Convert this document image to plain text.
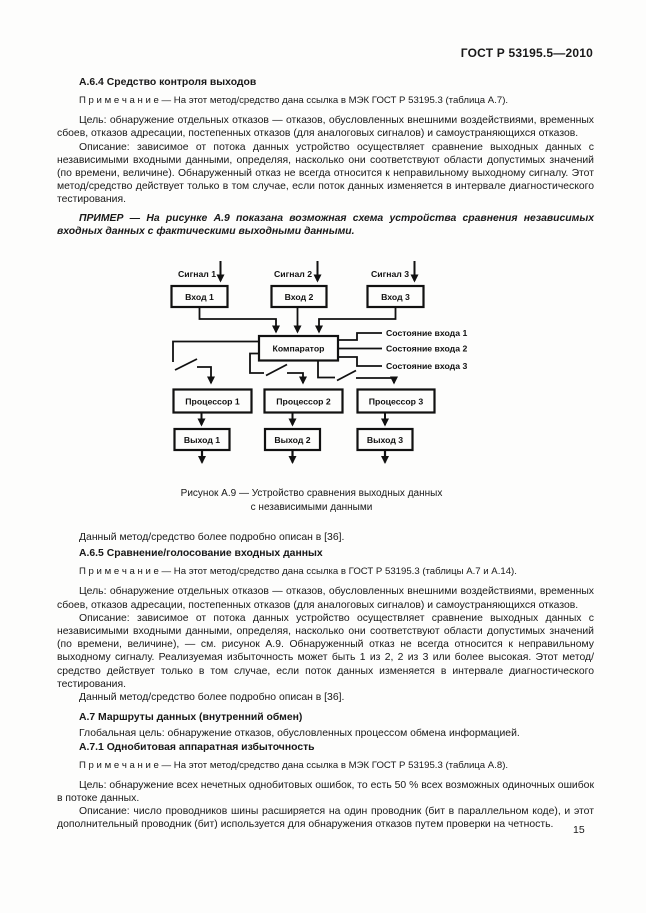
ГОСТ Р 53195.5—2010

А.6.4 Средство контроля выходов

П р и м е ч а н и е — На этот метод/средство дана ссылка в МЭК ГОСТ Р 53195.3 (таблица А.7).

Цель: обнаружение отдельных отказов — отказов, обусловленных внешними воздействиями, временных сбоев, отказов адресации, постепенных отказов (для аналоговых сигналов) и самоустраняющихся отказов.

Описание: зависимое от потока данных устройство осуществляет сравнение выходных данных с независимыми входными данными, определяя, насколько они соответствуют области допустимых значений (по времени, величине). Обнаруженный отказ не всегда относится к неправильному выходному сигналу. Этот метод/средство действует только в том случае, если поток данных изменяется в интервале диагностического тестирования.

ПРИМЕР — На рисунке А.9 показана возможная схема устройства сравнения независимых входных данных с фактическими выходными данными.

Сигнал 1	Сигнал 2	Сигнал 3
Вход 1	Вход 2	Вход 3
Компаратор
Состояние входа 1
Состояние входа 2
Состояние входа 3
Процессор 1	Процессор 2	Процессор 3
Выход 1	Выход 2	Выход 3

Рисунок А.9 — Устройство сравнения выходных данных
с независимыми данными

Данный метод/средство более подробно описан в [36].

А.6.5 Сравнение/голосование входных данных

П р и м е ч а н и е — На этот метод/средство дана ссылка в ГОСТ Р 53195.3 (таблицы А.7 и А.14).

Цель: обнаружение отдельных отказов — отказов, обусловленных внешними воздействиями, временных сбоев, отказов адресации, постепенных отказов (для аналоговых сигналов) и самоустраняющихся отказов.

Описание: зависимое от потока данных устройство осуществляет сравнение выходных данных с независимыми входными данными, определяя, насколько они соответствуют области допустимых значений (по времени, величине), — см. рисунок А.9. Обнаруженный отказ не всегда относится к неправильному выходному сигналу. Реализуемая избыточность может быть 1 из 2, 2 из 3 или более высокая. Этот метод/средство действует только в том случае, если поток данных изменяется в интервале диагностического тестирования.

Данный метод/средство более подробно описан в [36].

А.7 Маршруты данных (внутренний обмен)

Глобальная цель: обнаружение отказов, обусловленных процессом обмена информацией.

А.7.1 Однобитовая аппаратная избыточность

П р и м е ч а н и е — На этот метод/средство дана ссылка в МЭК ГОСТ Р 53195.3 (таблица А.8).

Цель: обнаружение всех нечетных однобитовых ошибок, то есть 50 % всех возможных одиночных ошибок в потоке данных.

Описание: число проводников шины расширяется на один проводник (бит в параллельном коде), и этот дополнительный проводник (бит) используется для обнаружения отказов путем проверки на четность.	15
